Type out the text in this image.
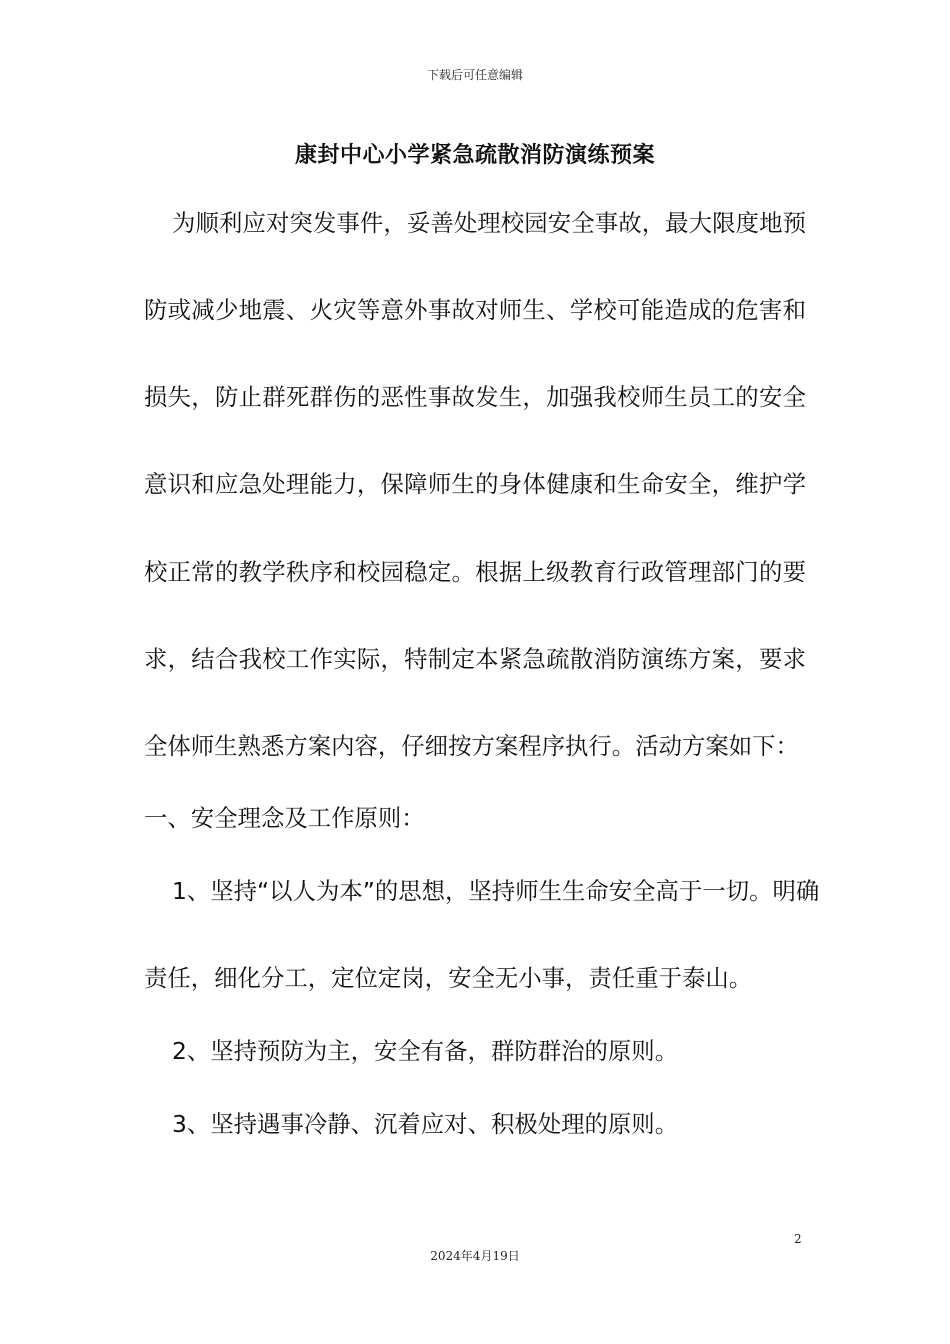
下载后可任意编辑
康封中心小学紧急疏散消防演练预案
为顺利应对突发事件，妥善处理校园安全事故，最大限度地预
防或减少地震、火灾等意外事故对师生、学校可能造成的危害和
损失，防止群死群伤的恶性事故发生，加强我校师生员工的安全
意识和应急处理能力，保障师生的身体健康和生命安全，维护学
校正常的教学秩序和校园稳定。根据上级教育行政管理部门的要
求，结合我校工作实际，特制定本紧急疏散消防演练方案，要求
全体师生熟悉方案内容，仔细按方案程序执行。活动方案如下：
一、安全理念及工作原则：
1、坚持“以人为本”的思想，坚持师生生命安全高于一切。明确
责任，细化分工，定位定岗，安全无小事，责任重于泰山。
2、坚持预防为主，安全有备，群防群治的原则。
3、坚持遇事冷静、沉着应对、积极处理的原则。
2
2024年4月19日
